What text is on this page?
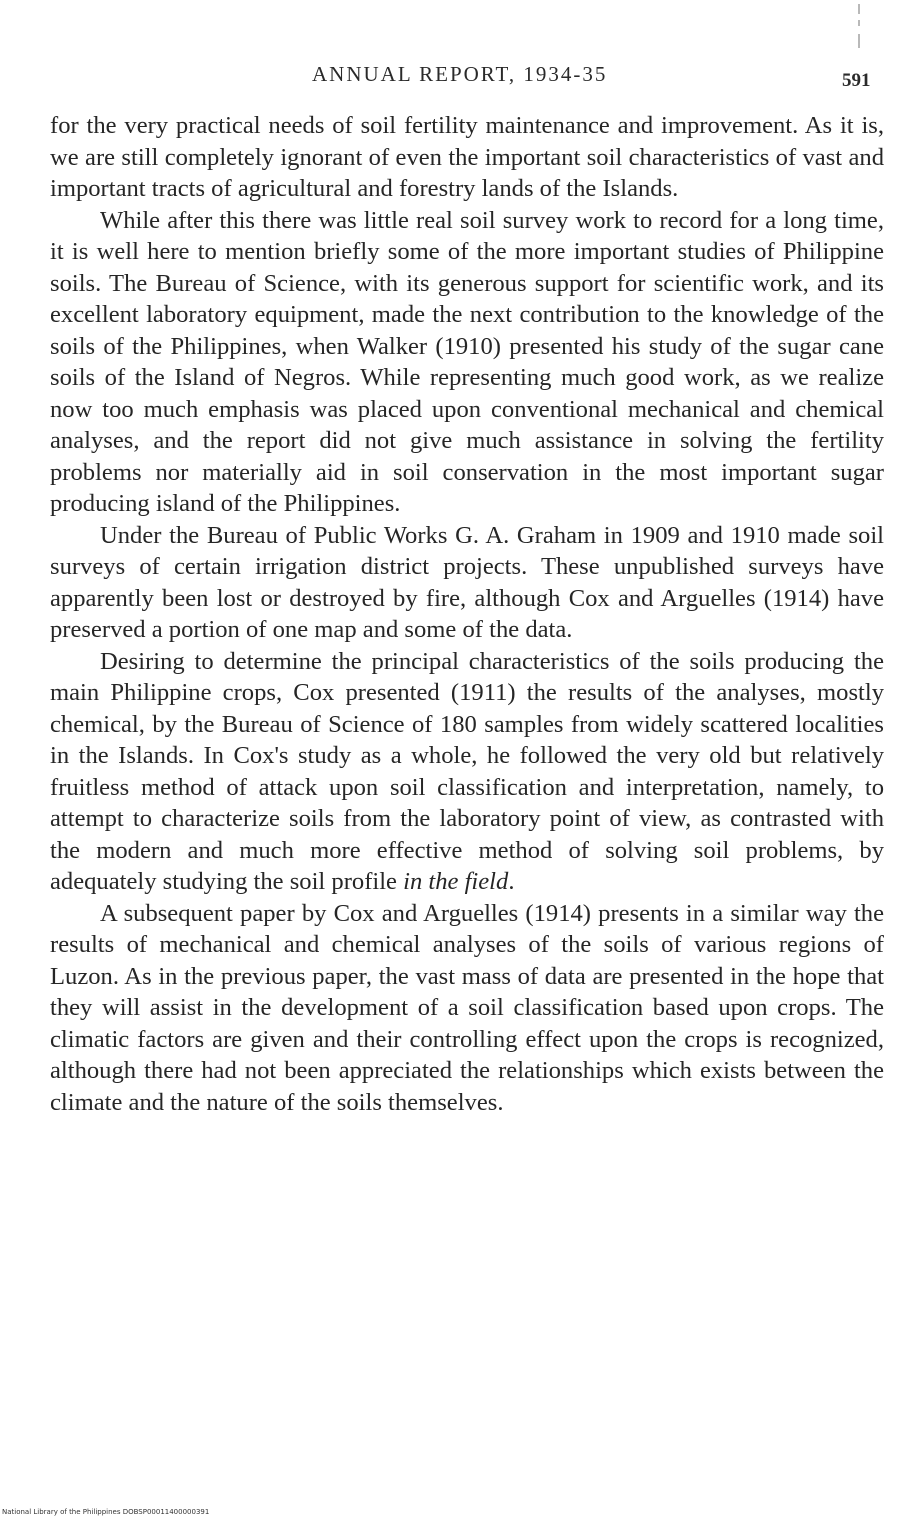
ANNUAL REPORT, 1934-35	591

for the very practical needs of soil fertility maintenance and improvement. As it is, we are still completely ignorant of even the important soil characteristics of vast and important tracts of agricultural and forestry lands of the Islands.

While after this there was little real soil survey work to record for a long time, it is well here to mention briefly some of the more important studies of Philippine soils. The Bureau of Science, with its generous support for scientific work, and its excellent laboratory equipment, made the next contribution to the knowledge of the soils of the Philippines, when Walker (1910) presented his study of the sugar cane soils of the Island of Negros. While representing much good work, as we realize now too much emphasis was placed upon conventional mechanical and chemical analyses, and the report did not give much assistance in solving the fertility problems nor materially aid in soil conservation in the most important sugar producing island of the Philippines.

Under the Bureau of Public Works G. A. Graham in 1909 and 1910 made soil surveys of certain irrigation district projects. These unpublished surveys have apparently been lost or destroyed by fire, although Cox and Arguelles (1914) have preserved a portion of one map and some of the data.

Desiring to determine the principal characteristics of the soils producing the main Philippine crops, Cox presented (1911) the results of the analyses, mostly chemical, by the Bureau of Science of 180 samples from widely scattered localities in the Islands. In Cox's study as a whole, he followed the very old but relatively fruitless method of attack upon soil classification and interpretation, namely, to attempt to characterize soils from the laboratory point of view, as contrasted with the modern and much more effective method of solving soil problems, by adequately studying the soil profile in the field.

A subsequent paper by Cox and Arguelles (1914) presents in a similar way the results of mechanical and chemical analyses of the soils of various regions of Luzon. As in the previous paper, the vast mass of data are presented in the hope that they will assist in the development of a soil classification based upon crops. The climatic factors are given and their controlling effect upon the crops is recognized, although there had not been appreciated the relationships which exists between the climate and the nature of the soils themselves.

National Library of the Philippines DOBSP00011400000391
